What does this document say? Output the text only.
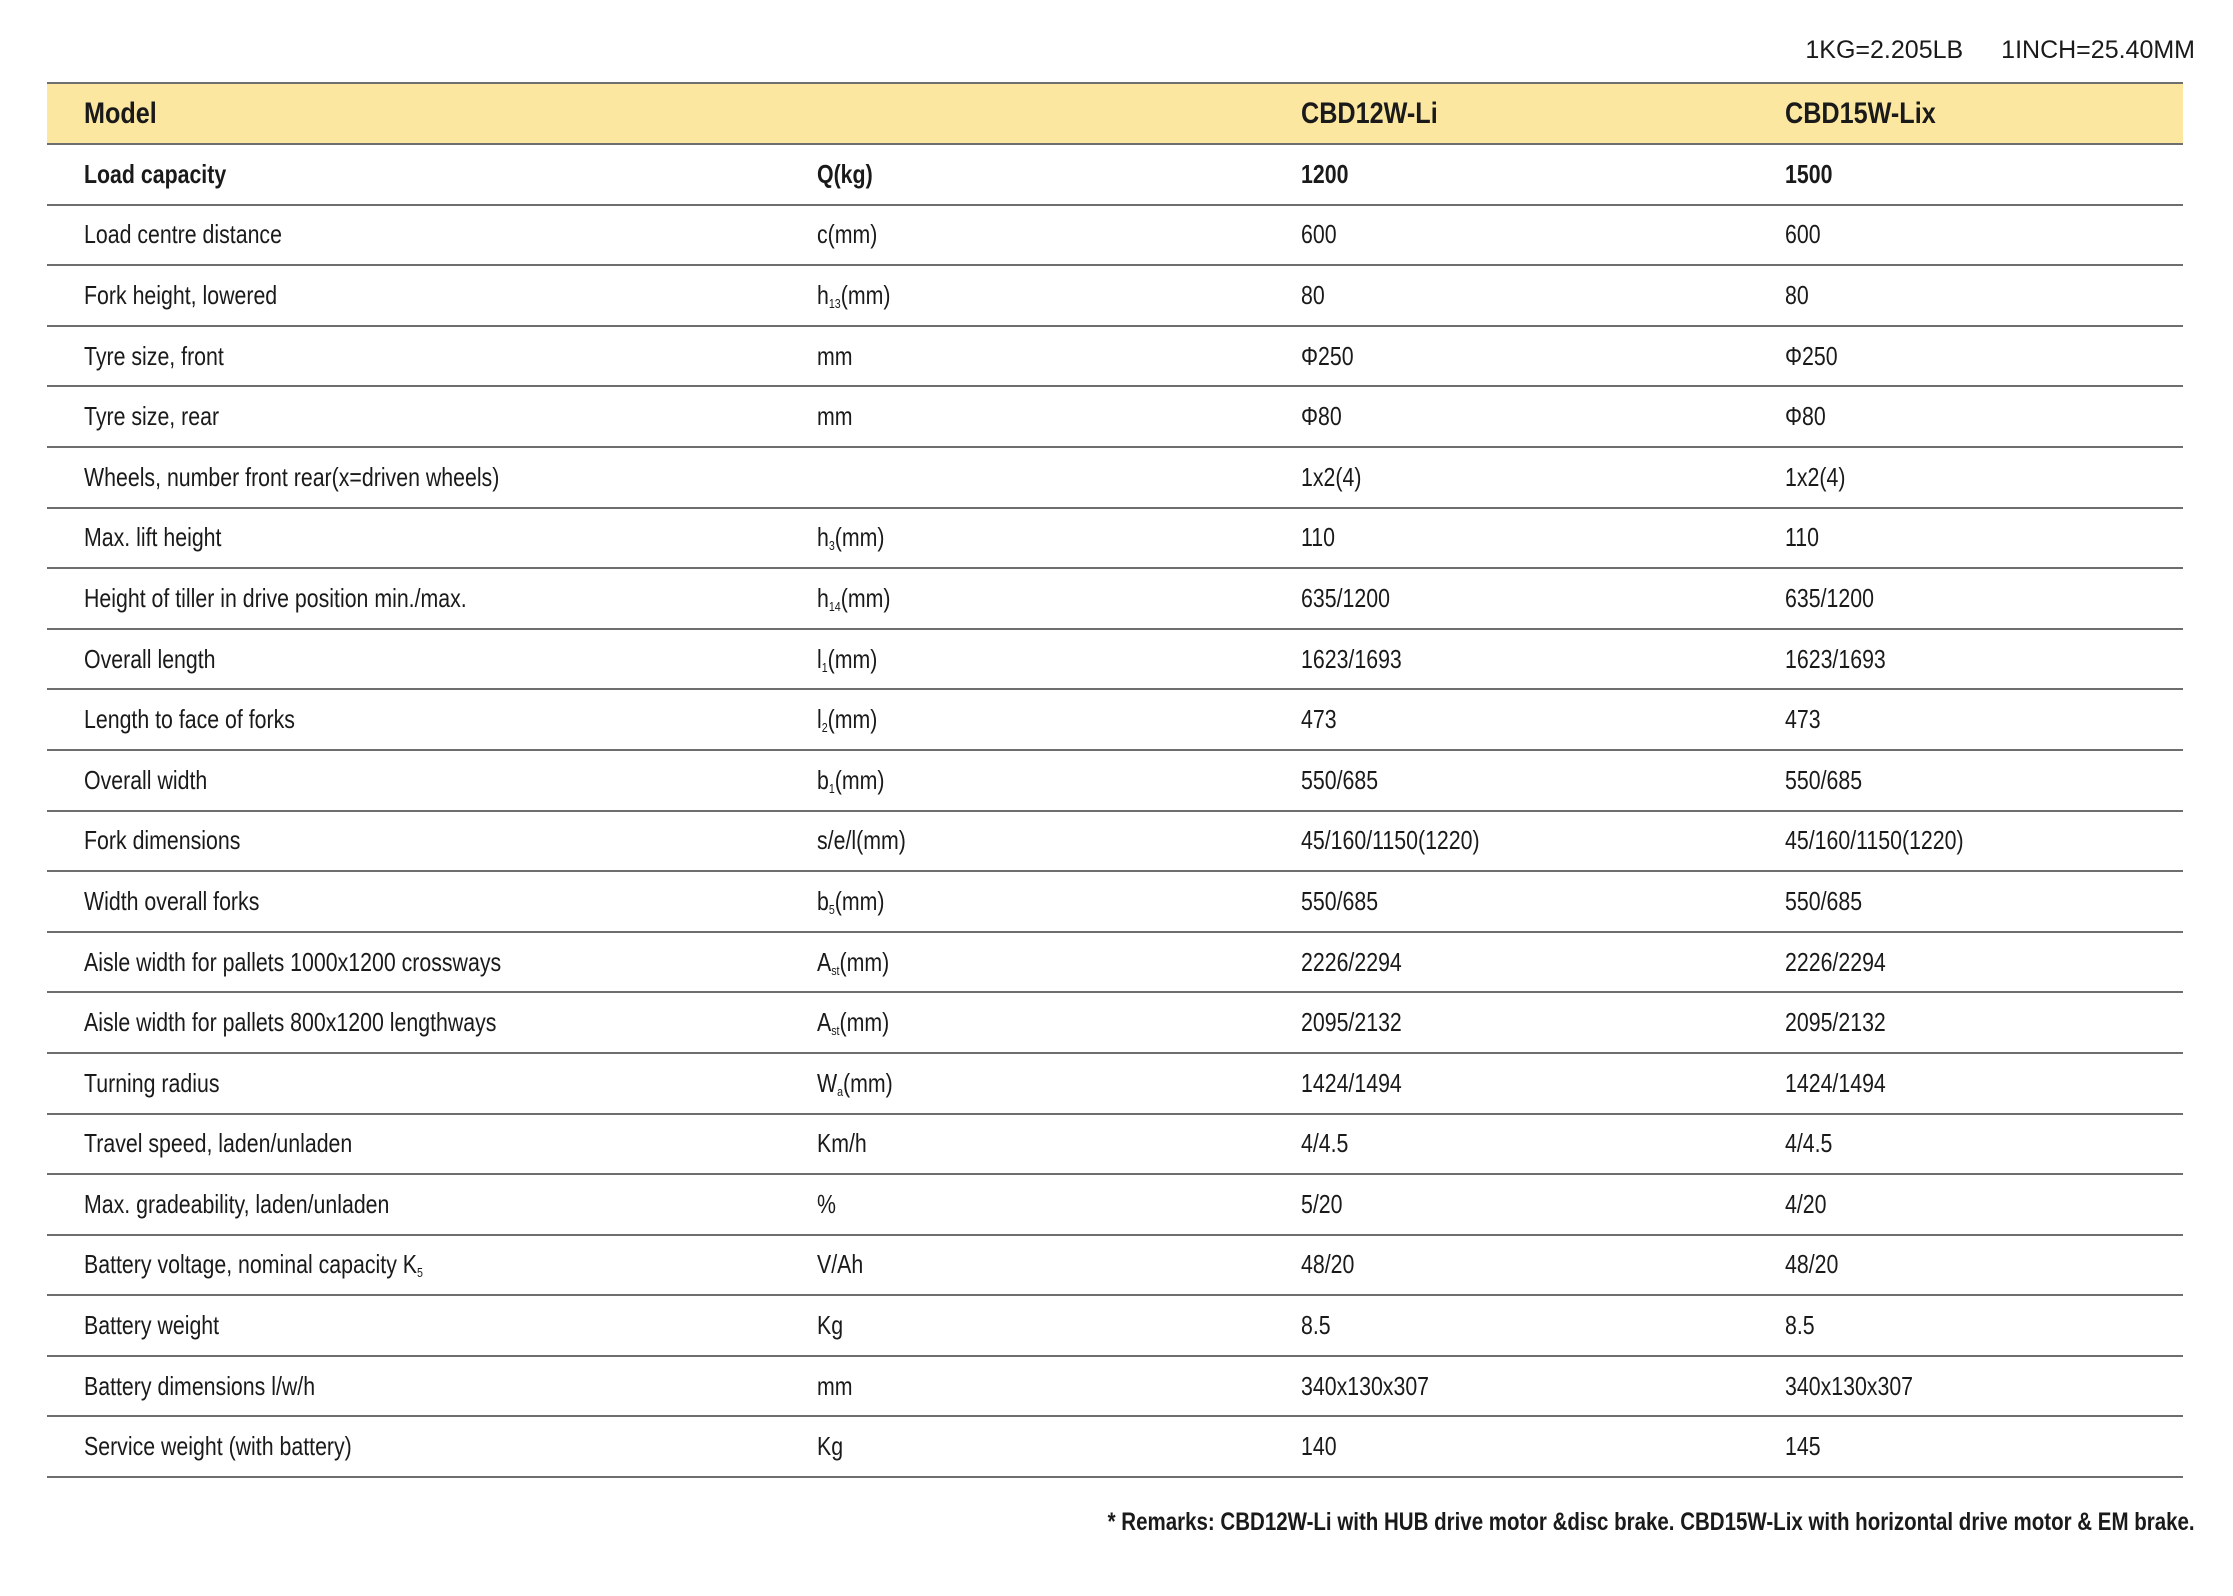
1KG=2.205LB 1INCH=25.40MM
Model		CBD12W-Li	CBD15W-Lix
Load capacity	Q(kg)	1200	1500
Load centre distance	c(mm)	600	600
Fork height, lowered	$h_{13}(mm)$	80	80
Tyre size, front	mm	Φ250	Φ250
Tyre size, rear	mm	Φ80	Φ80
Wheels, number front rear(x=driven wheels)		1x2(4)	1x2(4)
Max. lift height	$h_3(mm)$	110	110
Height of tiller in drive position min./max.	$h_{14}(mm)$	635/1200	635/1200
Overall length	$l_1(mm)$	1623/1693	1623/1693
Length to face of forks	$l_2(mm)$	473	473
Overall width	$b_1(mm)$	550/685	550/685
Fork dimensions	s/e/l(mm)	45/160/1150(1220)	45/160/1150(1220)
Width overall forks	$b_5(mm)$	550/685	550/685
Aisle width for pallets 1000x1200 crossways	$A_{st}(mm)$	2226/2294	2226/2294
Aisle width for pallets 800x1200 lengthways	$A_{st}(mm)$	2095/2132	2095/2132
Turning radius	$W_a(mm)$	1424/1494	1424/1494
Travel speed, laden/unladen	Km/h	4/4.5	4/4.5
Max. gradeability, laden/unladen	%	5/20	4/20
Battery voltage, nominal capacity $K_5$	V/Ah	48/20	48/20
Battery weight	Kg	8.5	8.5
Battery dimensions l/w/h	mm	340x130x307	340x130x307
Service weight (with battery)	Kg	140	145
* Remarks: CBD12W-Li with HUB drive motor &disc brake. CBD15W-Lix with horizontal drive motor & EM brake.
